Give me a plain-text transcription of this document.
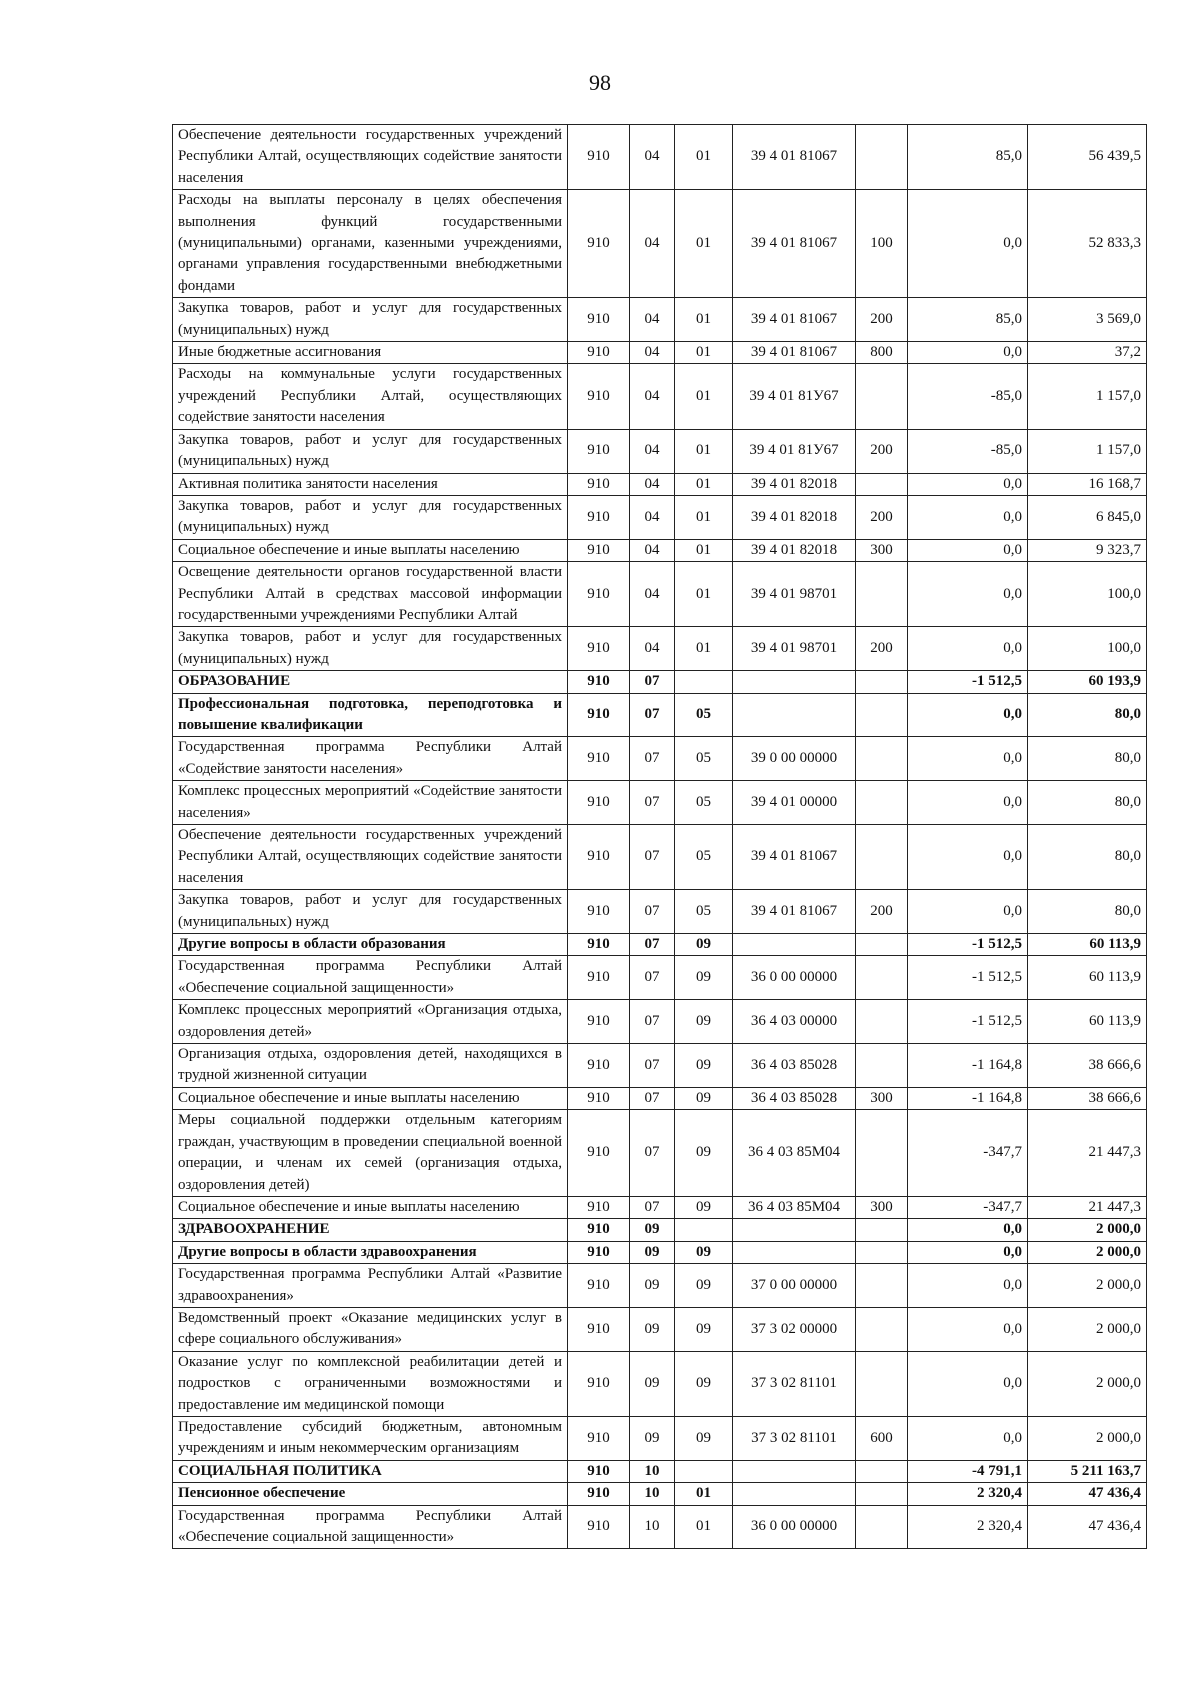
98
Обеспечение деятельности государственных учреждений Республики Алтай, осуществляющих содействие занятости населения	910	04	01	39 4 01 81067		85,0	56 439,5
Расходы на выплаты персоналу в целях обеспечения выполнения функций государственными (муниципальными) органами, казенными учреждениями, органами управления государственными внебюджетными фондами	910	04	01	39 4 01 81067	100	0,0	52 833,3
Закупка товаров, работ и услуг для государственных (муниципальных) нужд	910	04	01	39 4 01 81067	200	85,0	3 569,0
Иные бюджетные ассигнования	910	04	01	39 4 01 81067	800	0,0	37,2
Расходы на коммунальные услуги государственных учреждений Республики Алтай, осуществляющих содействие занятости населения	910	04	01	39 4 01 81У67		-85,0	1 157,0
Закупка товаров, работ и услуг для государственных (муниципальных) нужд	910	04	01	39 4 01 81У67	200	-85,0	1 157,0
Активная политика занятости населения	910	04	01	39 4 01 82018		0,0	16 168,7
Закупка товаров, работ и услуг для государственных (муниципальных) нужд	910	04	01	39 4 01 82018	200	0,0	6 845,0
Социальное обеспечение и иные выплаты населению	910	04	01	39 4 01 82018	300	0,0	9 323,7
Освещение деятельности органов государственной власти Республики Алтай в средствах массовой информации государственными учреждениями Республики Алтай	910	04	01	39 4 01 98701		0,0	100,0
Закупка товаров, работ и услуг для государственных (муниципальных) нужд	910	04	01	39 4 01 98701	200	0,0	100,0
ОБРАЗОВАНИЕ	910	07				-1 512,5	60 193,9
Профессиональная подготовка, переподготовка и повышение квалификации	910	07	05			0,0	80,0
Государственная программа Республики Алтай «Содействие занятости населения»	910	07	05	39 0 00 00000		0,0	80,0
Комплекс процессных мероприятий «Содействие занятости населения»	910	07	05	39 4 01 00000		0,0	80,0
Обеспечение деятельности государственных учреждений Республики Алтай, осуществляющих содействие занятости населения	910	07	05	39 4 01 81067		0,0	80,0
Закупка товаров, работ и услуг для государственных (муниципальных) нужд	910	07	05	39 4 01 81067	200	0,0	80,0
Другие вопросы в области образования	910	07	09			-1 512,5	60 113,9
Государственная программа Республики Алтай «Обеспечение социальной защищенности»	910	07	09	36 0 00 00000		-1 512,5	60 113,9
Комплекс процессных мероприятий «Организация отдыха, оздоровления детей»	910	07	09	36 4 03 00000		-1 512,5	60 113,9
Организация отдыха, оздоровления детей, находящихся в трудной жизненной ситуации	910	07	09	36 4 03 85028		-1 164,8	38 666,6
Социальное обеспечение и иные выплаты населению	910	07	09	36 4 03 85028	300	-1 164,8	38 666,6
Меры социальной поддержки отдельным категориям граждан, участвующим в проведении специальной военной операции, и членам их семей (организация отдыха, оздоровления детей)	910	07	09	36 4 03 85М04		-347,7	21 447,3
Социальное обеспечение и иные выплаты населению	910	07	09	36 4 03 85М04	300	-347,7	21 447,3
ЗДРАВООХРАНЕНИЕ	910	09				0,0	2 000,0
Другие вопросы в области здравоохранения	910	09	09			0,0	2 000,0
Государственная программа Республики Алтай «Развитие здравоохранения»	910	09	09	37 0 00 00000		0,0	2 000,0
Ведомственный проект «Оказание медицинских услуг в сфере социального обслуживания»	910	09	09	37 3 02 00000		0,0	2 000,0
Оказание услуг по комплексной реабилитации детей и подростков с ограниченными возможностями и предоставление им медицинской помощи	910	09	09	37 3 02 81101		0,0	2 000,0
Предоставление субсидий бюджетным, автономным учреждениям и иным некоммерческим организациям	910	09	09	37 3 02 81101	600	0,0	2 000,0
СОЦИАЛЬНАЯ ПОЛИТИКА	910	10				-4 791,1	5 211 163,7
Пенсионное обеспечение	910	10	01			2 320,4	47 436,4
Государственная программа Республики Алтай «Обеспечение социальной защищенности»	910	10	01	36 0 00 00000		2 320,4	47 436,4
